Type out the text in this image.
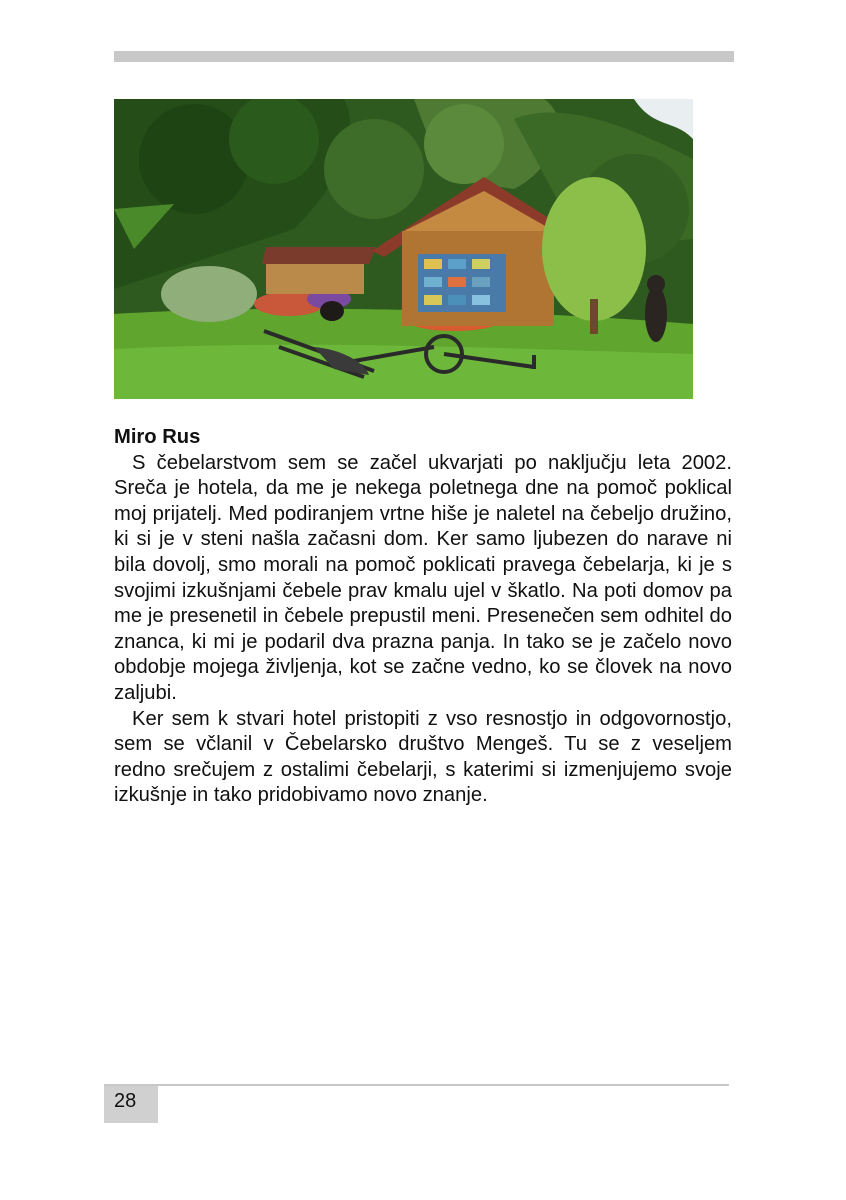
Miro Rus

S čebelarstvom sem se začel ukvarjati po naključju leta 2002. Sreča je hotela, da me je nekega poletnega dne na pomoč poklical moj prijatelj. Med podiranjem vrtne hiše je naletel na čebeljo družino, ki si je v steni našla začasni dom. Ker samo ljubezen do narave ni bila dovolj, smo morali na pomoč poklicati pravega čebelarja, ki je s svojimi izkušnjami čebele prav kmalu ujel v škatlo. Na poti domov pa me je presenetil in čebele prepustil meni. Presenečen sem odhitel do znanca, ki mi je podaril dva prazna panja. In tako se je začelo novo obdobje mojega življenja, kot se začne vedno, ko se človek na novo zaljubi.

Ker sem k stvari hotel pristopiti z vso resnostjo in odgovornostjo, sem se včlanil v Čebelarsko društvo Mengeš. Tu se z veseljem redno srečujem z ostalimi čebelarji, s katerimi si izmenjujemo svoje izkušnje in tako pridobivamo novo znanje.

28
